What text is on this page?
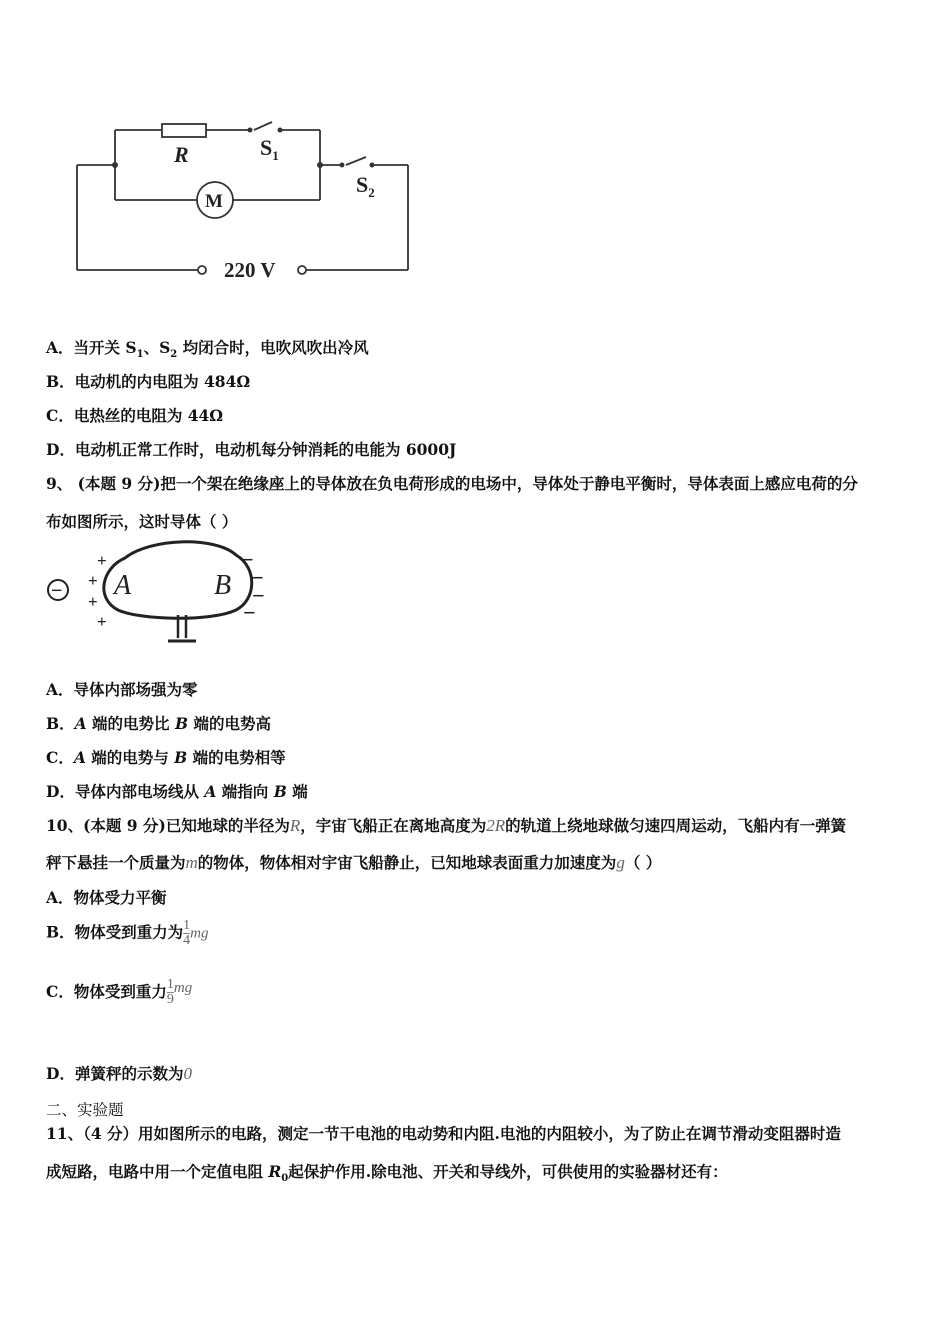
R	$S_1$
$S_2$
M
220 V
A．当开关 $S_1$、$S_2$ 均闭合时，电吹风吹出冷风
B．电动机的内电阻为 484Ω
C．电热丝的电阻为 44Ω
D．电动机正常工作时，电动机每分钟消耗的电能为 6000J
9、 (本题 9 分)把一个架在绝缘座上的导体放在负电荷形成的电场中，导体处于静电平衡时，导体表面上感应电荷的分
布如图所示，这时导体（ ）
− A	B
+
+
+
+
−
−
−
−
A．导体内部场强为零
B．A 端的电势比 B 端的电势高
C．A 端的电势与 B 端的电势相等
D．导体内部电场线从 A 端指向 B 端
10、(本题 9 分)已知地球的半径为R，宇宙飞船正在离地高度为2R的轨道上绕地球做匀速四周运动，飞船内有一弹簧
秤下悬挂一个质量为m的物体，物体相对宇宙飞船静止，已知地球表面重力加速度为g（ ）
A．物体受力平衡
B．物体受到重力为 $\frac{1}{4}$ mg
C．物体受到重力 $\frac{1}{9}$ mg
D．弹簧秤的示数为0
二、实验题
11、（4 分）用如图所示的电路，测定一节干电池的电动势和内阻.电池的内阻较小，为了防止在调节滑动变阻器时造
成短路，电路中用一个定值电阻 $R_0$起保护作用.除电池、开关和导线外，可供使用的实验器材还有：
